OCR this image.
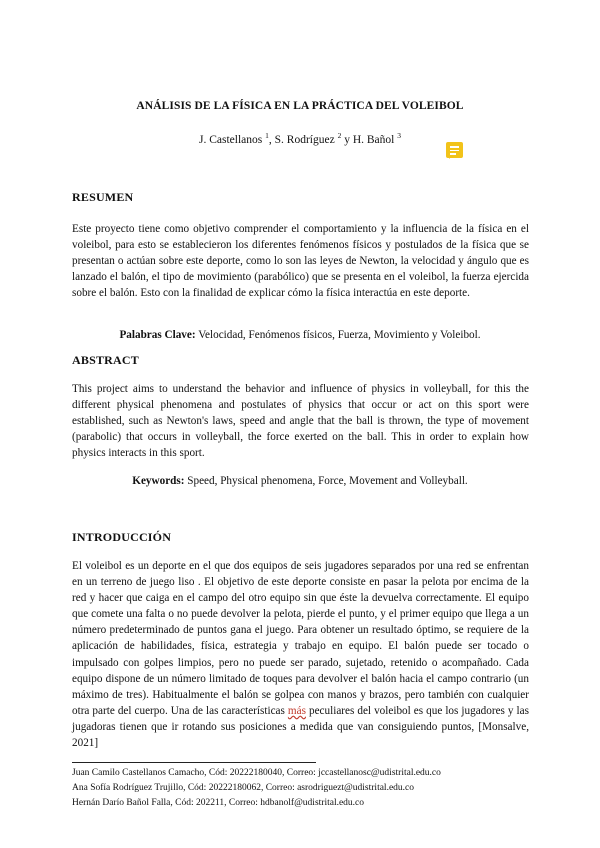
ANÁLISIS DE LA FÍSICA EN LA PRÁCTICA DEL VOLEIBOL
J. Castellanos $^1$, S. Rodríguez $^2$ y H. Bañol $^3$
RESUMEN

Este proyecto tiene como objetivo comprender el comportamiento y la influencia de la física en el voleibol, para esto se establecieron los diferentes fenómenos físicos y postulados de la física que se presentan o actúan sobre este deporte, como lo son las leyes de Newton, la velocidad y ángulo que es lanzado el balón, el tipo de movimiento (parabólico) que se presenta en el voleibol, la fuerza ejercida sobre el balón. Esto con la finalidad de explicar cómo la física interactúa en este deporte.

Palabras Clave: Velocidad, Fenómenos físicos, Fuerza, Movimiento y Voleibol.
ABSTRACT

This project aims to understand the behavior and influence of physics in volleyball, for this the different physical phenomena and postulates of physics that occur or act on this sport were established, such as Newton's laws, speed and angle that the ball is thrown, the type of movement (parabolic) that occurs in volleyball, the force exerted on the ball. This in order to explain how physics interacts in this sport.

Keywords: Speed, Physical phenomena, Force, Movement and Volleyball.
INTRODUCCIÓN

El voleibol es un deporte en el que dos equipos de seis jugadores separados por una red se enfrentan en un terreno de juego liso . El objetivo de este deporte consiste en pasar la pelota por encima de la red y hacer que caiga en el campo del otro equipo sin que éste la devuelva correctamente. El equipo que comete una falta o no puede devolver la pelota, pierde el punto, y el primer equipo que llega a un número predeterminado de puntos gana el juego. Para obtener un resultado óptimo, se requiere de la aplicación de habilidades, física, estrategia y trabajo en equipo. El balón puede ser tocado o impulsado con golpes limpios, pero no puede ser parado, sujetado, retenido o acompañado. Cada equipo dispone de un número limitado de toques para devolver el balón hacia el campo contrario (un máximo de tres). Habitualmente el balón se golpea con manos y brazos, pero también con cualquier otra parte del cuerpo. Una de las características más peculiares del voleibol es que los jugadores y las jugadoras tienen que ir rotando sus posiciones a medida que van consiguiendo puntos, [Monsalve, 2021]

Juan Camilo Castellanos Camacho, Cód: 20222180040, Correo: jccastellanosc@udistrital.edu.co
Ana Sofía Rodríguez Trujillo, Cód: 20222180062, Correo: asrodriguezt@udistrital.edu.co
Hernán Darío Bañol Falla, Cód: 202211, Correo: hdbanolf@udistrital.edu.co
